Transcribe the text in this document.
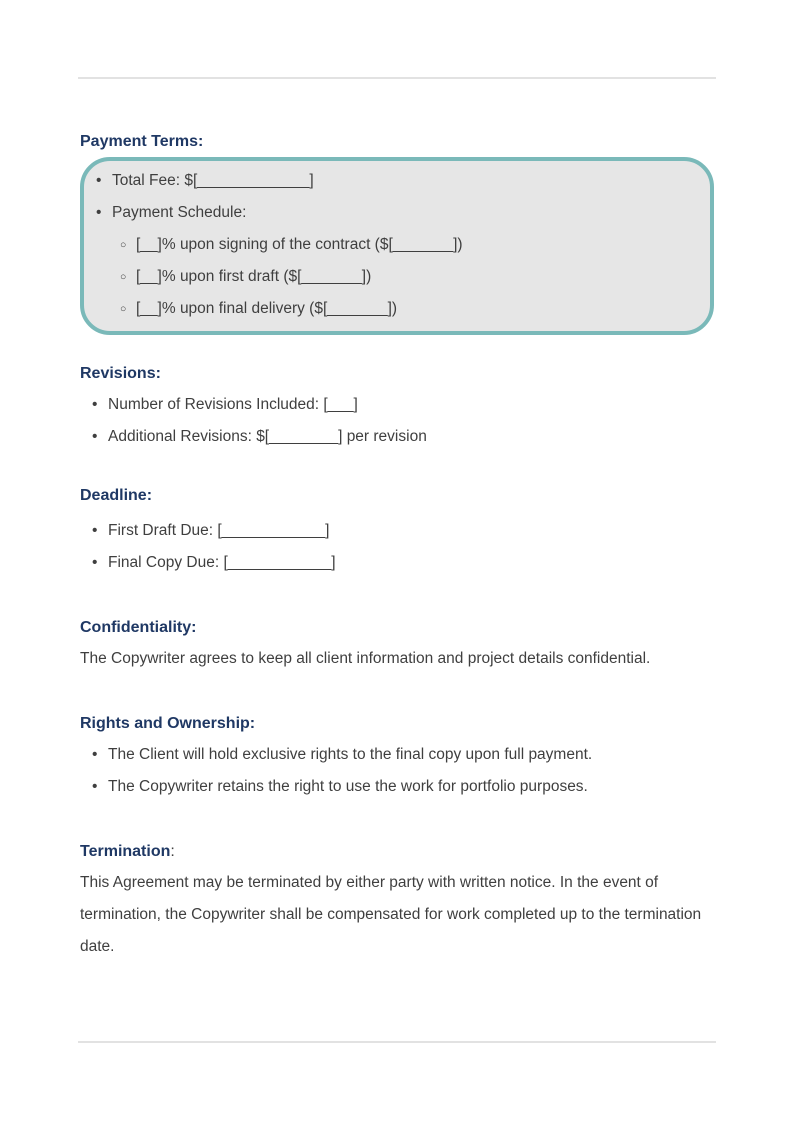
Payment Terms:
• Total Fee: $[_____________]
• Payment Schedule:
○ [__]% upon signing of the contract ($[_______])
○ [__]% upon first draft ($[_______])
○ [__]% upon final delivery ($[_______])
Revisions:
• Number of Revisions Included: [___]
• Additional Revisions: $[________] per revision
Deadline:
• First Draft Due: [____________]
• Final Copy Due: [____________]
Confidentiality:

The Copywriter agrees to keep all client information and project details confidential.

Rights and Ownership:
• The Client will hold exclusive rights to the final copy upon full payment.
• The Copywriter retains the right to use the work for portfolio purposes.
Termination:

This Agreement may be terminated by either party with written notice. In the event of termination, the Copywriter shall be compensated for work completed up to the termination date.
